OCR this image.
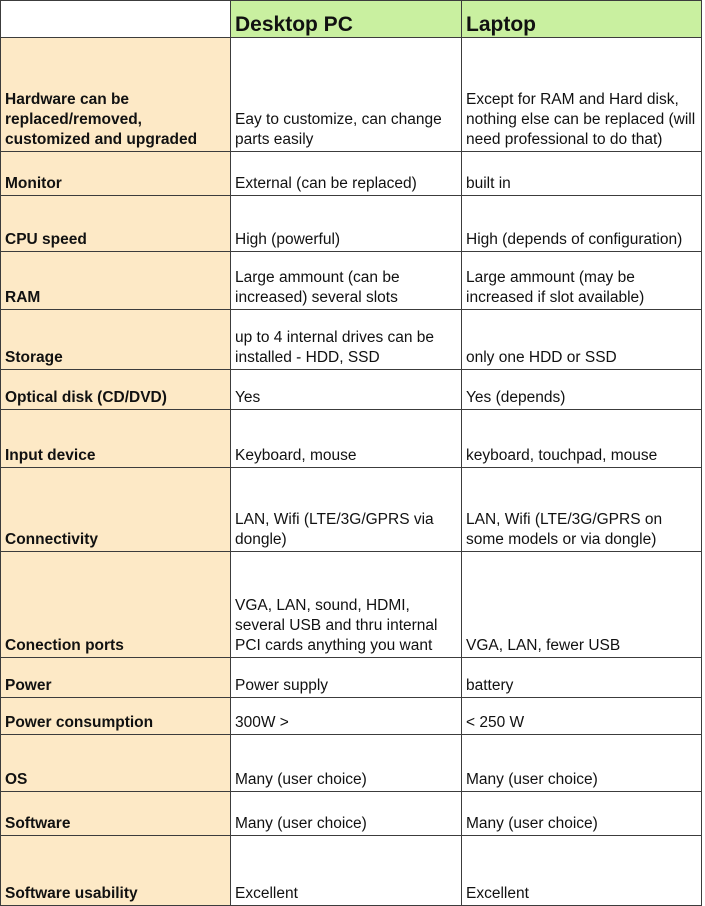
	Desktop PC	Laptop
Hardware can be replaced/removed, customized and upgraded	Eay to customize, can change parts easily	Except for RAM and Hard disk, nothing else can be replaced (will need professional to do that)
Monitor	External (can be replaced)	built in
CPU speed	High (powerful)	High (depends of configuration)
RAM	Large ammount (can be increased) several slots	Large ammount (may be increased if slot available)
Storage	up to 4 internal drives can be installed - HDD, SSD	only one HDD or SSD
Optical disk (CD/DVD)	Yes	Yes (depends)
Input device	Keyboard, mouse	keyboard, touchpad, mouse
Connectivity	LAN, Wifi (LTE/3G/GPRS via dongle)	LAN, Wifi (LTE/3G/GPRS on some models or via dongle)
Conection ports	VGA, LAN, sound, HDMI, several USB and thru internal PCI cards anything you want	VGA, LAN, fewer USB
Power	Power supply	battery
Power consumption	300W >	< 250 W
OS	Many (user choice)	Many (user choice)
Software	Many (user choice)	Many (user choice)
Software usability	Excellent	Excellent
